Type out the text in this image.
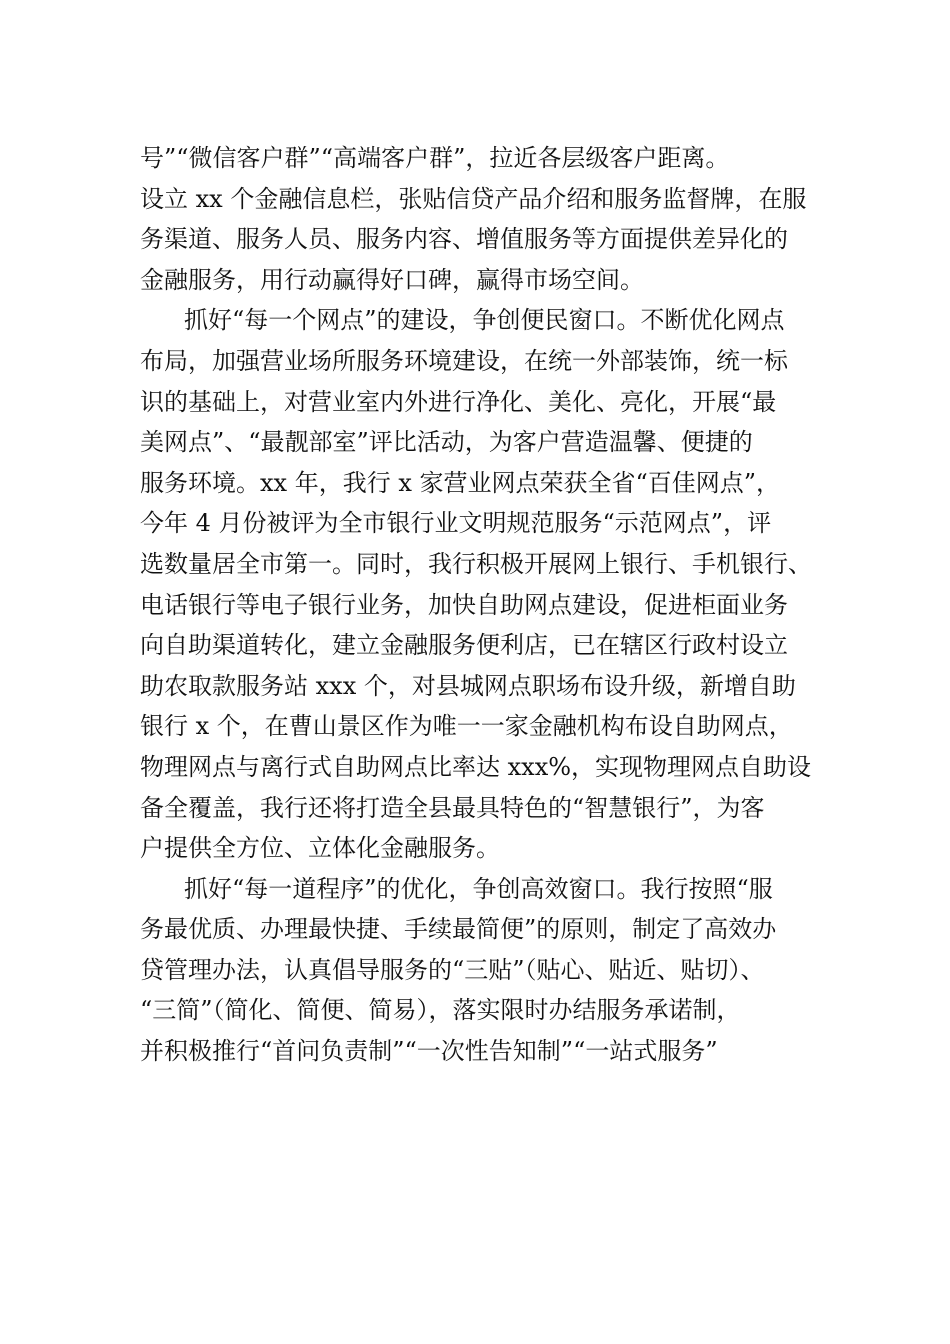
号”“微信客户群”“高端客户群”，拉近各层级客户距离。
设立 xx 个金融信息栏，张贴信贷产品介绍和服务监督牌，在服
务渠道、服务人员、服务内容、增值服务等方面提供差异化的
金融服务，用行动赢得好口碑，赢得市场空间。
抓好“每一个网点”的建设，争创便民窗口。不断优化网点
布局，加强营业场所服务环境建设，在统一外部装饰，统一标
识的基础上，对营业室内外进行净化、美化、亮化，开展“最
美网点”、“最靓部室”评比活动，为客户营造温馨、便捷的
服务环境。xx 年，我行 x 家营业网点荣获全省“百佳网点”，
今年 4 月份被评为全市银行业文明规范服务“示范网点”，评
选数量居全市第一。同时，我行积极开展网上银行、手机银行、
电话银行等电子银行业务，加快自助网点建设，促进柜面业务
向自助渠道转化，建立金融服务便利店，已在辖区行政村设立
助农取款服务站 xxx 个，对县城网点职场布设升级，新增自助
银行 x 个，在曹山景区作为唯一一家金融机构布设自助网点，
物理网点与离行式自助网点比率达 xxx%，实现物理网点自助设
备全覆盖，我行还将打造全县最具特色的“智慧银行”，为客
户提供全方位、立体化金融服务。
抓好“每一道程序”的优化，争创高效窗口。我行按照“服
务最优质、办理最快捷、手续最简便”的原则，制定了高效办
贷管理办法，认真倡导服务的“三贴”（贴心、贴近、贴切）、
“三简”（简化、简便、简易），落实限时办结服务承诺制，
并积极推行“首问负责制”“一次性告知制”“一站式服务”
